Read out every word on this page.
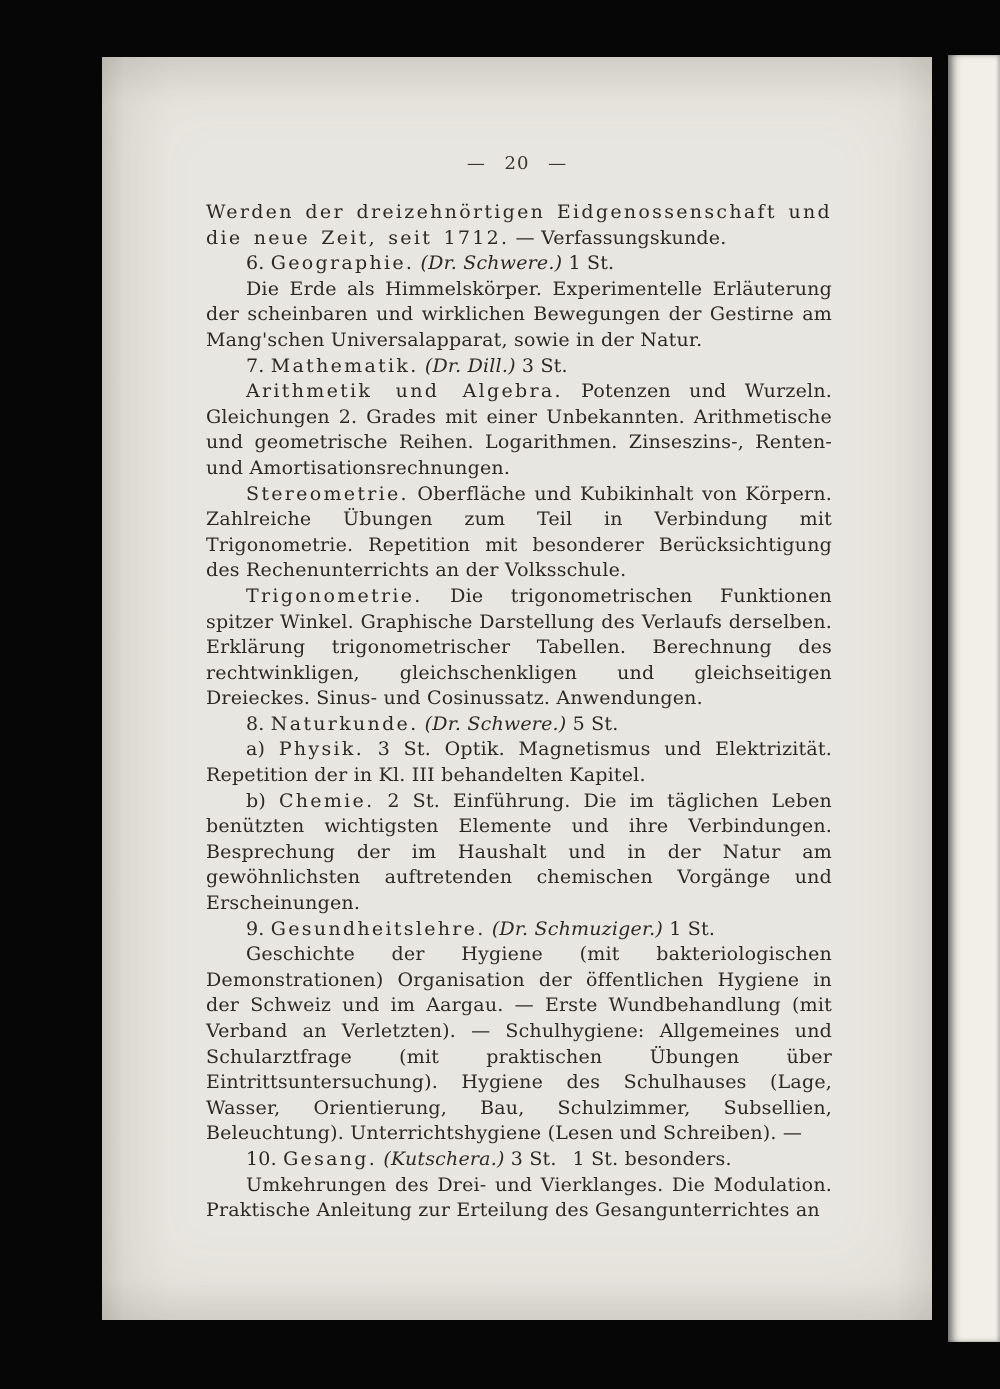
— 20 —

Werden der dreizehnörtigen Eidgenossenschaft und die neue Zeit, seit 1712. — Verfassungskunde.

6. Geographie. (Dr. Schwere.) 1 St.

Die Erde als Himmelskörper. Experimentelle Erläuterung der scheinbaren und wirklichen Bewegungen der Gestirne am Mang'schen Universalapparat, sowie in der Natur.

7. Mathematik. (Dr. Dill.) 3 St.

Arithmetik und Algebra. Potenzen und Wurzeln. Gleichungen 2. Grades mit einer Unbekannten. Arithmetische und geometrische Reihen. Logarithmen. Zinseszins-, Renten- und Amortisationsrechnungen.

Stereometrie. Oberfläche und Kubikinhalt von Körpern. Zahlreiche Übungen zum Teil in Verbindung mit Trigonometrie. Repetition mit besonderer Berücksichtigung des Rechenunterrichts an der Volksschule.

Trigonometrie. Die trigonometrischen Funktionen spitzer Winkel. Graphische Darstellung des Verlaufs derselben. Erklärung trigonometrischer Tabellen. Berechnung des rechtwinkligen, gleichschenkligen und gleichseitigen Dreieckes. Sinus- und Cosinussatz. Anwendungen.

8. Naturkunde. (Dr. Schwere.) 5 St.

a) Physik. 3 St. Optik. Magnetismus und Elektrizität. Repetition der in Kl. III behandelten Kapitel.

b) Chemie. 2 St. Einführung. Die im täglichen Leben benützten wichtigsten Elemente und ihre Verbindungen. Besprechung der im Haushalt und in der Natur am gewöhnlichsten auftretenden chemischen Vorgänge und Erscheinungen.

9. Gesundheitslehre. (Dr. Schmuziger.) 1 St.

Geschichte der Hygiene (mit bakteriologischen Demonstrationen) Organisation der öffentlichen Hygiene in der Schweiz und im Aargau. — Erste Wundbehandlung (mit Verband an Verletzten). — Schulhygiene: Allgemeines und Schularztfrage (mit praktischen Übungen über Eintrittsuntersuchung). Hygiene des Schulhauses (Lage, Wasser, Orientierung, Bau, Schulzimmer, Subsellien, Beleuchtung). Unterrichtshygiene (Lesen und Schreiben). —

10. Gesang. (Kutschera.) 3 St.  1 St. besonders.

Umkehrungen des Drei- und Vierklanges. Die Modulation. Praktische Anleitung zur Erteilung des Gesangunterrichtes an
